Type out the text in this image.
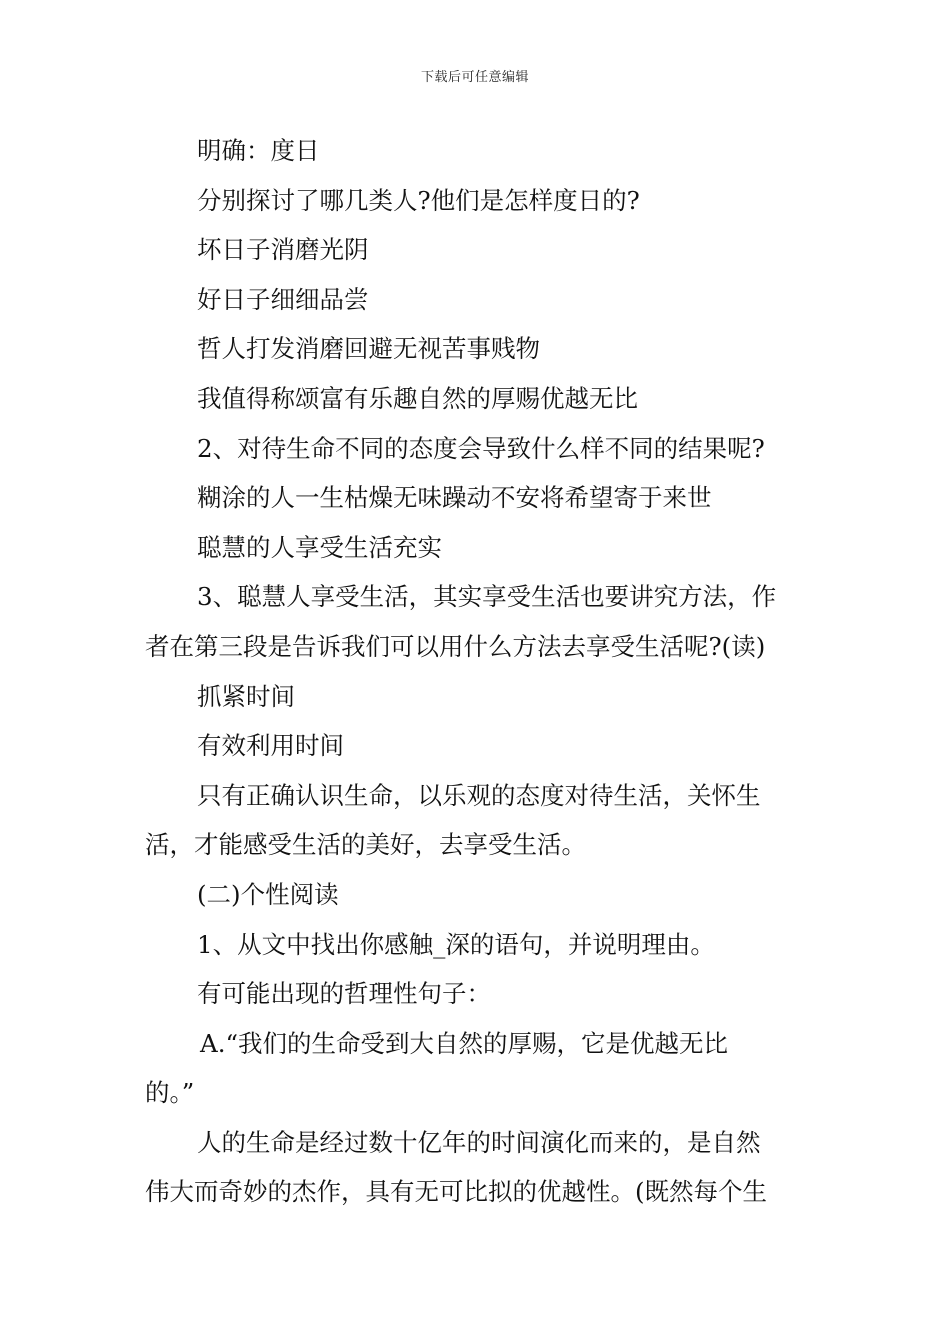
下载后可任意编辑

明确：度日

分别探讨了哪几类人?他们是怎样度日的?

坏日子消磨光阴

好日子细细品尝

哲人打发消磨回避无视苦事贱物

我值得称颂富有乐趣自然的厚赐优越无比

2、对待生命不同的态度会导致什么样不同的结果呢?

糊涂的人一生枯燥无味躁动不安将希望寄于来世

聪慧的人享受生活充实

3、聪慧人享受生活，其实享受生活也要讲究方法，作

者在第三段是告诉我们可以用什么方法去享受生活呢?(读)

抓紧时间

有效利用时间

只有正确认识生命，以乐观的态度对待生活，关怀生

活，才能感受生活的美好，去享受生活。

(二)个性阅读

1、从文中找出你感触_深的语句，并说明理由。

有可能出现的哲理性句子：

A.“我们的生命受到大自然的厚赐，它是优越无比

的。”

人的生命是经过数十亿年的时间演化而来的，是自然

伟大而奇妙的杰作，具有无可比拟的优越性。(既然每个生
